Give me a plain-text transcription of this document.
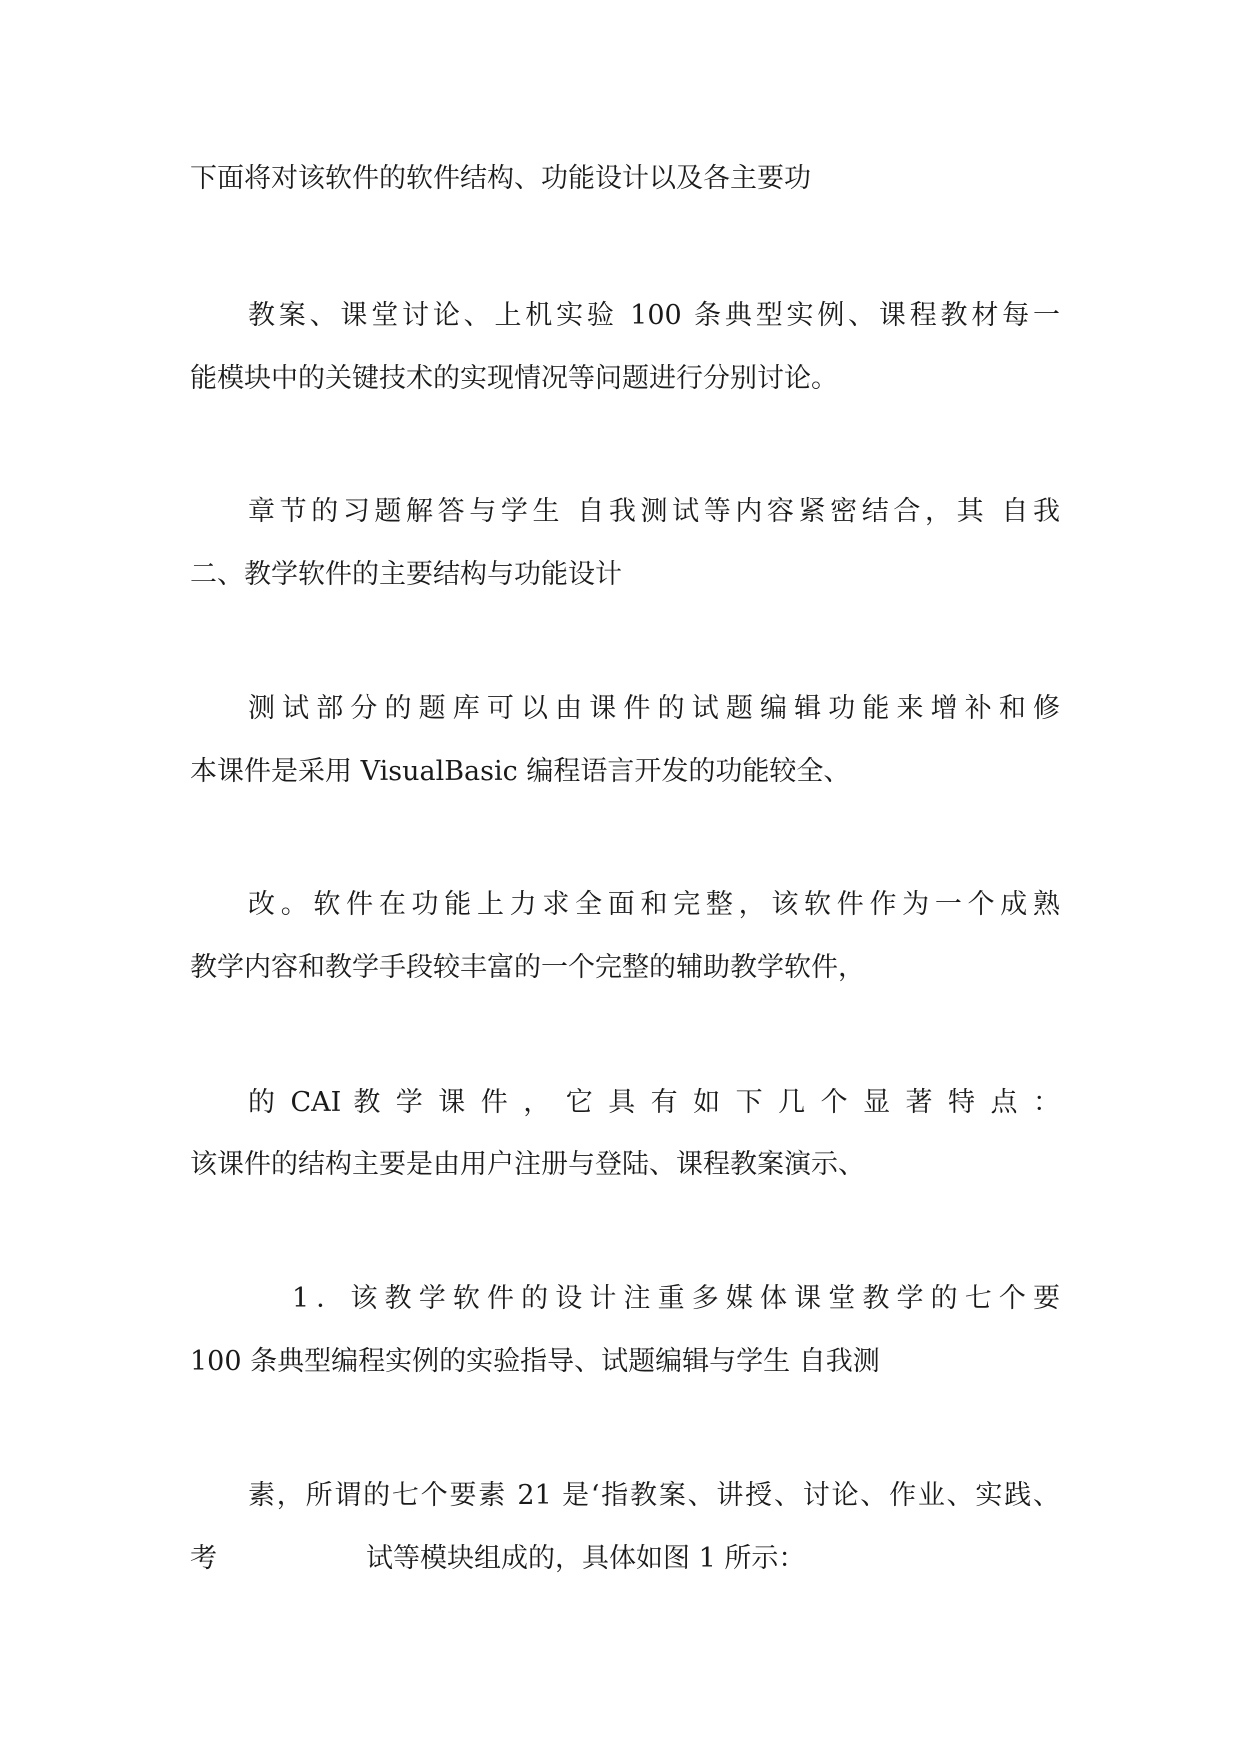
下面将对该软件的软件结构、功能设计以及各主要功
教案、课堂讨论、上机实验 100 条典型实例、课程教材每一
能模块中的关键技术的实现情况等问题进行分别讨论。
章节的习题解答与学生 自我测试等内容紧密结合，其 自我
二、教学软件的主要结构与功能设计
测试部分的题库可以由课件的试题编辑功能来增补和修
本课件是采用 VisualBasic 编程语言开发的功能较全、
改。软件在功能上力求全面和完整，该软件作为一个成熟
教学内容和教学手段较丰富的一个完整的辅助教学软件，
的 CAI 教 学 课 件 ， 它 具 有 如 下 几 个 显 著 特 点 ：
该课件的结构主要是由用户注册与登陆、课程教案演示、
1．该教学软件的设计注重多媒体课堂教学的七个要
100 条典型编程实例的实验指导、试题编辑与学生 自我测
素，所谓的七个要素 21 是‘指教案、讲授、讨论、作业、实践、
考	试等模块组成的，具体如图 1 所示：
